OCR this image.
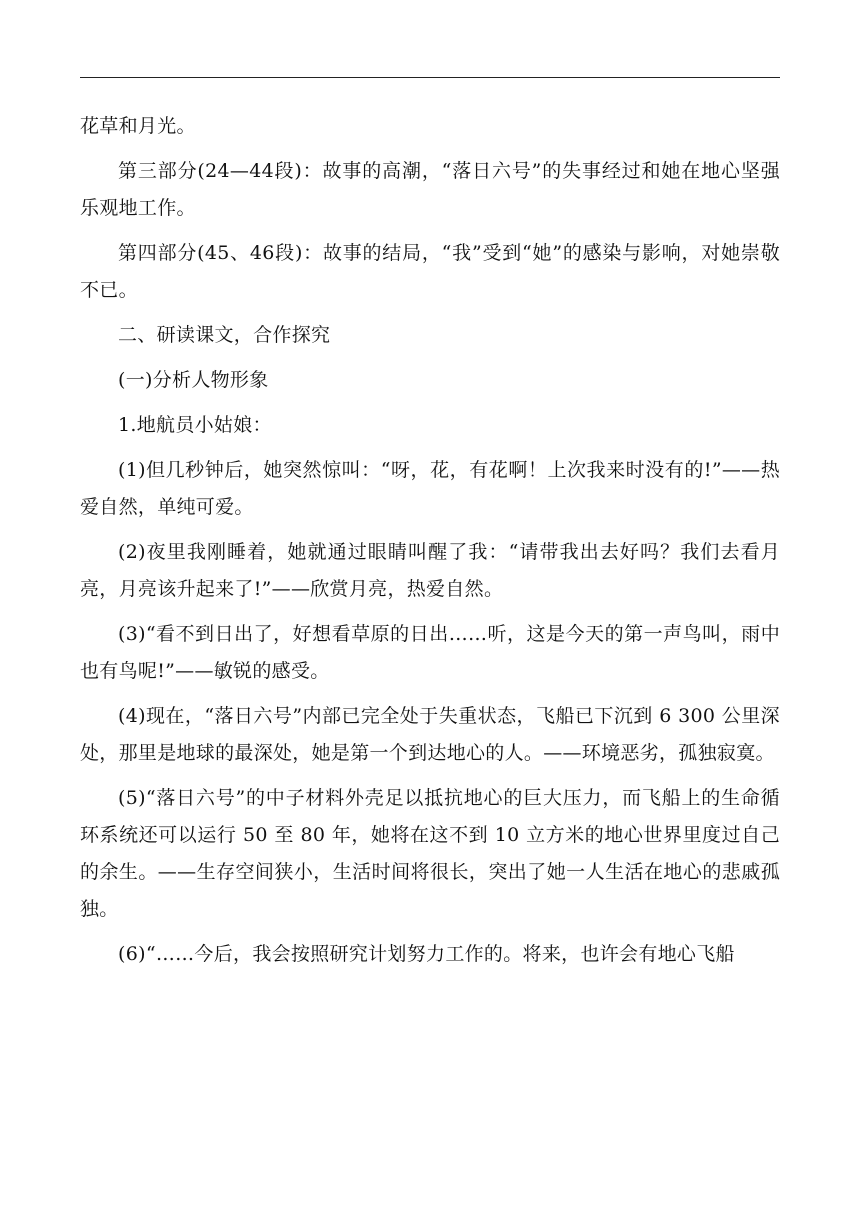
花草和月光。

第三部分(24—44段)：故事的高潮，“落日六号”的失事经过和她在地心坚强乐观地工作。

第四部分(45、46段)：故事的结局，“我”受到“她”的感染与影响，对她崇敬不已。

二、研读课文，合作探究

(一)分析人物形象

1.地航员小姑娘：

(1)但几秒钟后，她突然惊叫：“呀，花，有花啊！上次我来时没有的!”——热爱自然，单纯可爱。

(2)夜里我刚睡着，她就通过眼睛叫醒了我：“请带我出去好吗？我们去看月亮，月亮该升起来了!”——欣赏月亮，热爱自然。

(3)“看不到日出了，好想看草原的日出……听，这是今天的第一声鸟叫，雨中也有鸟呢!”——敏锐的感受。

(4)现在，“落日六号”内部已完全处于失重状态，飞船已下沉到 6 300 公里深处，那里是地球的最深处，她是第一个到达地心的人。——环境恶劣，孤独寂寞。

(5)“落日六号”的中子材料外壳足以抵抗地心的巨大压力，而飞船上的生命循环系统还可以运行 50 至 80 年，她将在这不到 10 立方米的地心世界里度过自己的余生。——生存空间狭小，生活时间将很长，突出了她一人生活在地心的悲戚孤独。

(6)“……今后，我会按照研究计划努力工作的。将来，也许会有地心飞船
